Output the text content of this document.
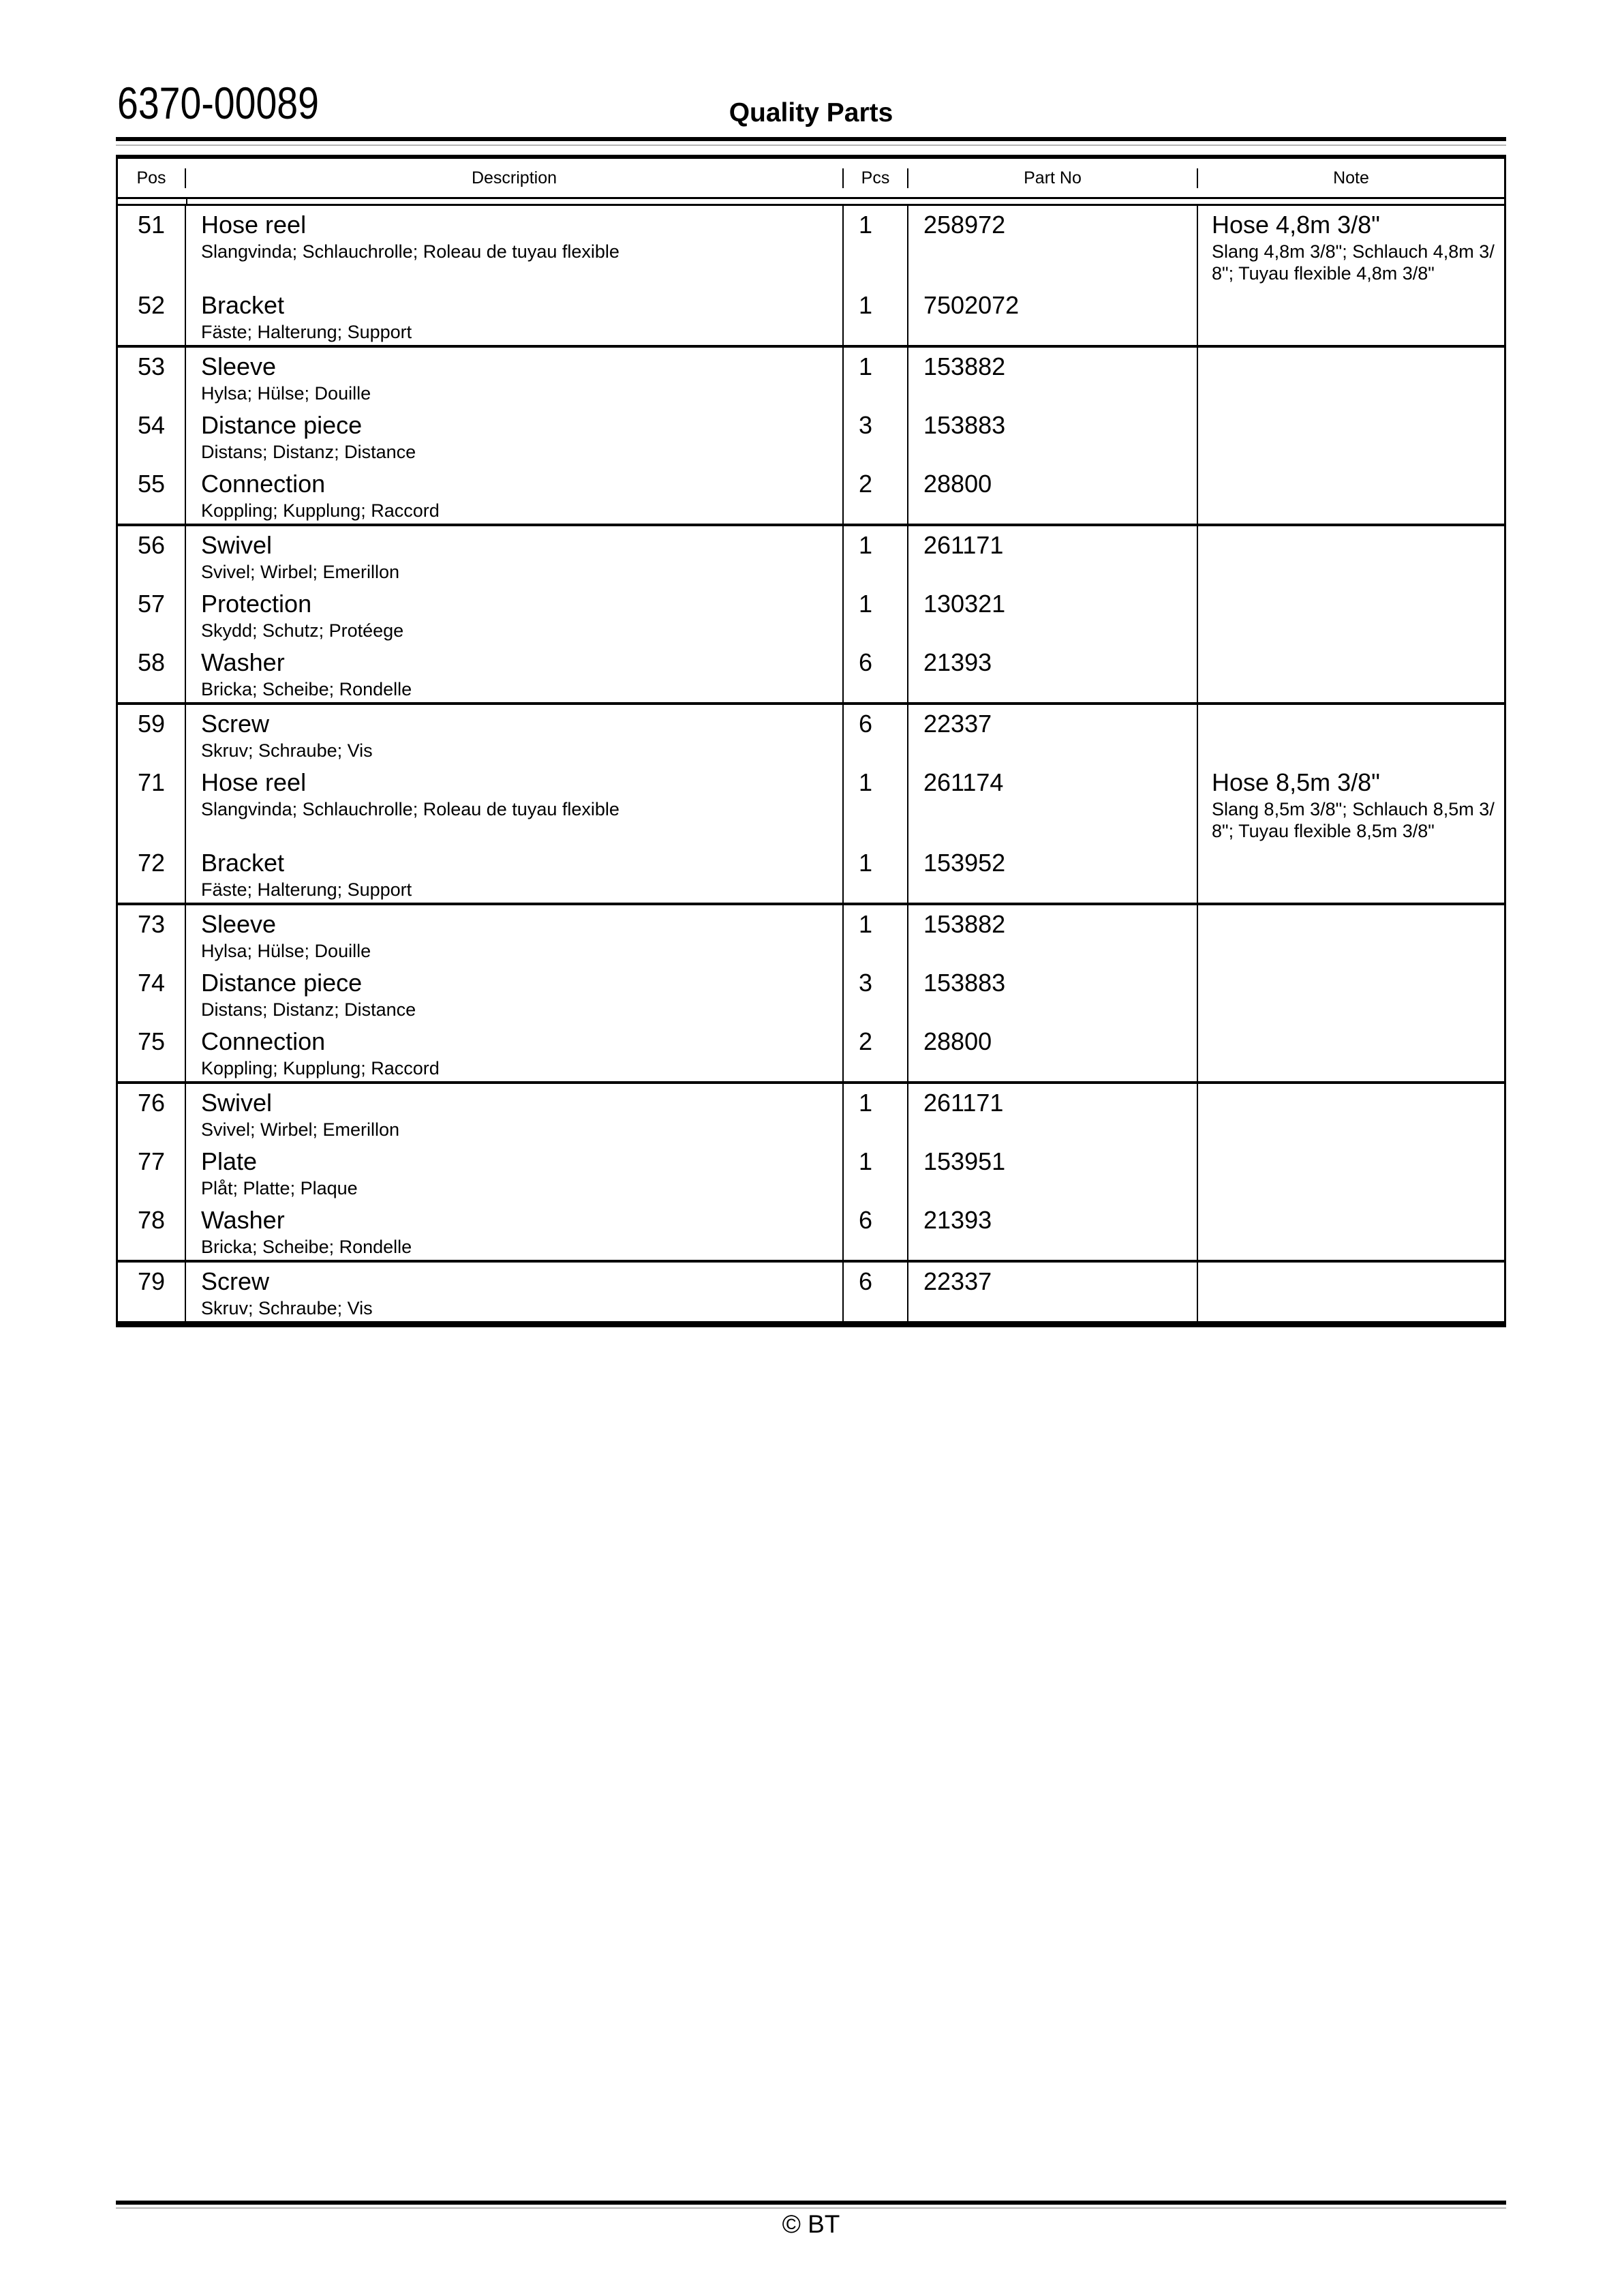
6370-00089	Quality Parts
Pos	Description	Pcs	Part No	Note
51	Hose reel
Slangvinda; Schlauchrolle; Roleau de tuyau flexible
1	258972	Hose 4,8m 3/8"
Slang 4,8m 3/8"; Schlauch 4,8m 3/
8"; Tuyau flexible 4,8m 3/8"
52	Bracket
Fäste; Halterung; Support
1	7502072
53	Sleeve
Hylsa; Hülse; Douille
1	153882
54	Distance piece
Distans; Distanz; Distance
3	153883
55	Connection
Koppling; Kupplung; Raccord
2	28800
56	Swivel
Svivel; Wirbel; Emerillon
1	261171
57	Protection
Skydd; Schutz; Protéege
1	130321
58	Washer
Bricka; Scheibe; Rondelle
6	21393
59	Screw
Skruv; Schraube; Vis
6	22337
71	Hose reel
Slangvinda; Schlauchrolle; Roleau de tuyau flexible
1	261174	Hose 8,5m 3/8"
Slang 8,5m 3/8"; Schlauch 8,5m 3/
8"; Tuyau flexible 8,5m 3/8"
72	Bracket
Fäste; Halterung; Support
1	153952
73	Sleeve
Hylsa; Hülse; Douille
1	153882
74	Distance piece
Distans; Distanz; Distance
3	153883
75	Connection
Koppling; Kupplung; Raccord
2	28800
76	Swivel
Svivel; Wirbel; Emerillon
1	261171
77	Plate
Plåt; Platte; Plaque
1	153951
78	Washer
Bricka; Scheibe; Rondelle
6	21393
79	Screw
Skruv; Schraube; Vis
6	22337
© BT
